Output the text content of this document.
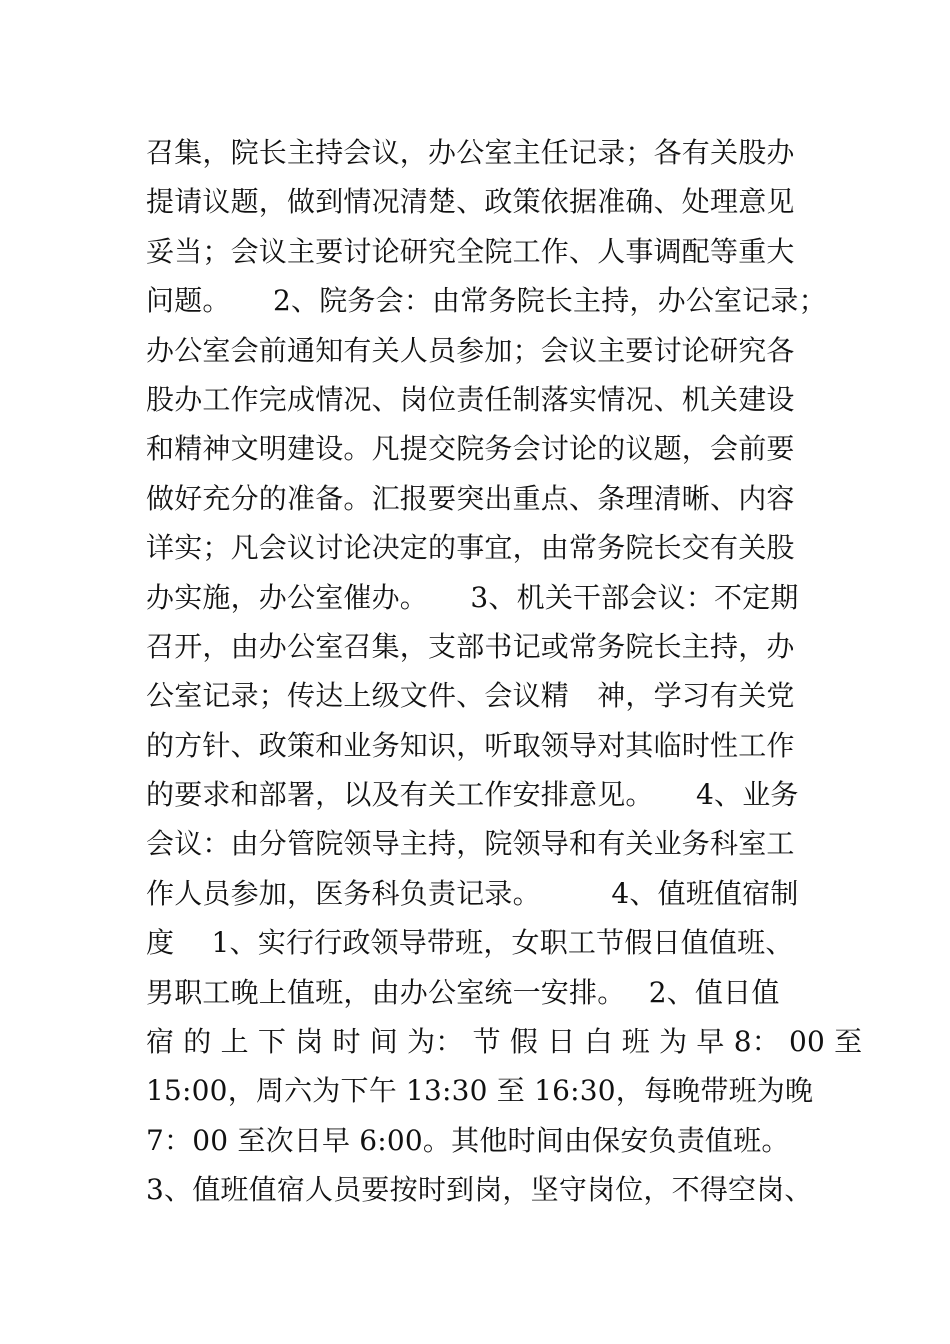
召集，院长主持会议，办公室主任记录；各有关股办
提请议题，做到情况清楚、政策依据准确、处理意见
妥当；会议主要讨论研究全院工作、人事调配等重大
问题。　　2、院务会：由常务院长主持，办公室记录；
办公室会前通知有关人员参加；会议主要讨论研究各
股办工作完成情况、岗位责任制落实情况、机关建设
和精神文明建设。凡提交院务会讨论的议题，会前要
做好充分的准备。汇报要突出重点、条理清晰、内容
详实；凡会议讨论决定的事宜，由常务院长交有关股
办实施，办公室催办。　　3、机关干部会议：不定期
召开，由办公室召集，支部书记或常务院长主持，办
公室记录；传达上级文件、会议精　神，学习有关党
的方针、政策和业务知识，听取领导对其临时性工作
的要求和部署，以及有关工作安排意见。　　4、业务
会议：由分管院领导主持，院领导和有关业务科室工
作人员参加，医务科负责记录。　　　4、值班值宿制
度　 1、实行行政领导带班，女职工节假日值值班、
男职工晚上值班，由办公室统一安排。　 2、值日值
宿 的 上 下 岗 时 间 为： 节 假 日 白 班 为 早 8： 00 至
15:00，周六为下午 13:30 至 16:30，每晚带班为晚
7：00 至次日早 6:00。其他时间由保安负责值班。
3、值班值宿人员要按时到岗，坚守岗位，不得空岗、
